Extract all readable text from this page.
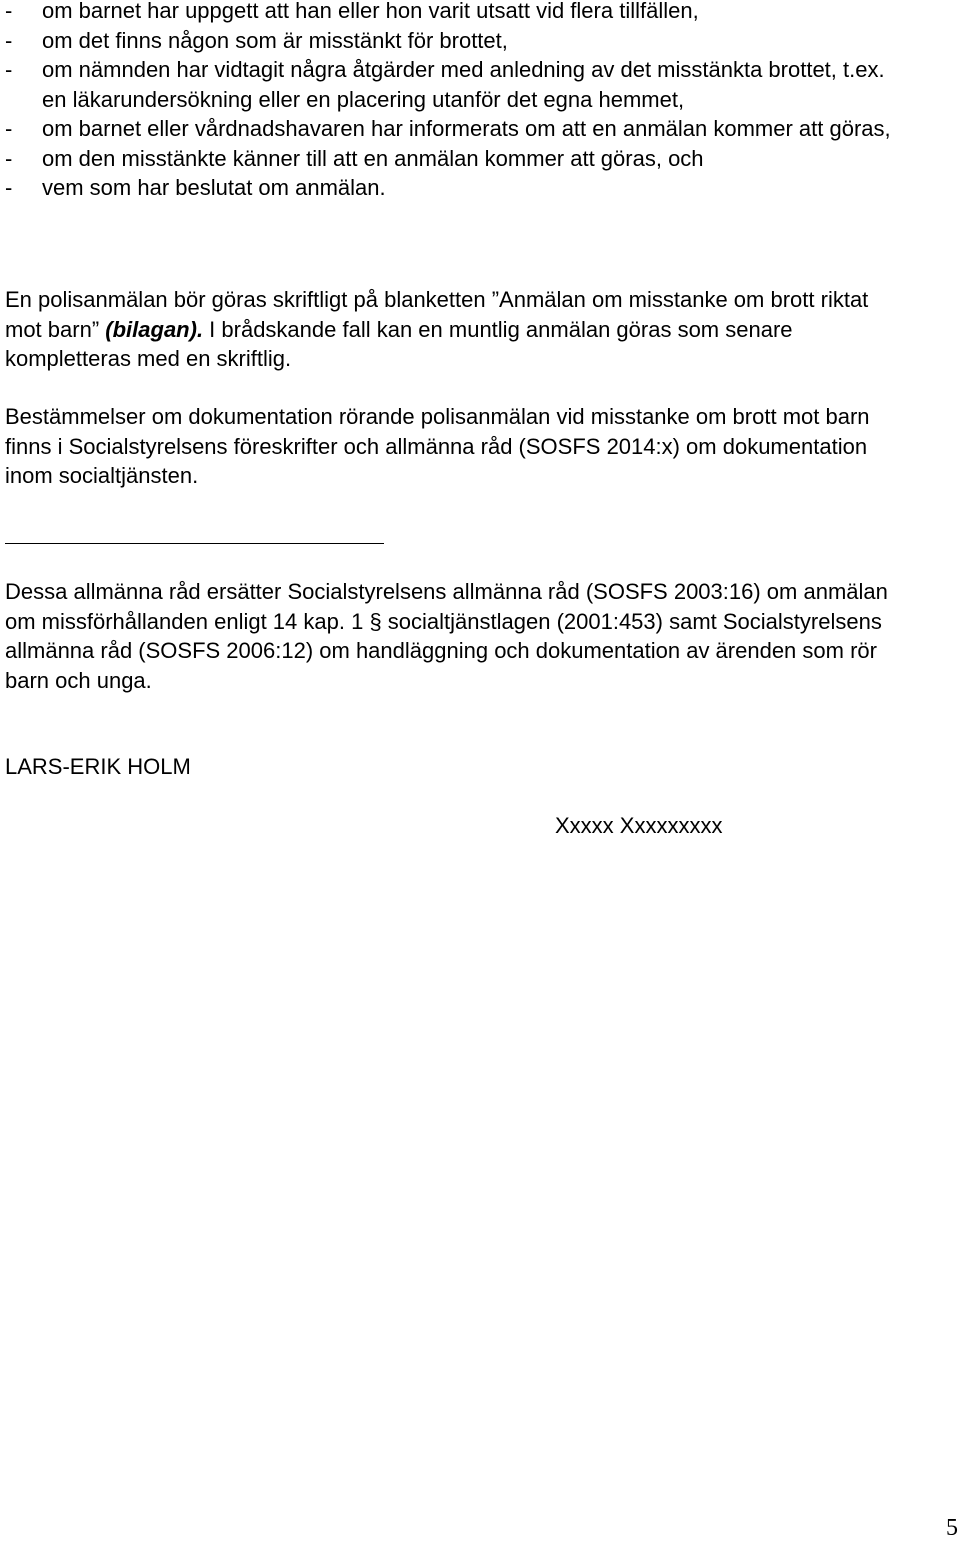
- om barnet har uppgett att han eller hon varit utsatt vid flera tillfällen,
- om det finns någon som är misstänkt för brottet,
- om nämnden har vidtagit några åtgärder med anledning av det misstänkta brottet, t.ex. en läkarundersökning eller en placering utanför det egna hemmet,
- om barnet eller vårdnadshavaren har informerats om att en anmälan kommer att göras,
- om den misstänkte känner till att en anmälan kommer att göras, och
- vem som har beslutat om anmälan.

En polisanmälan bör göras skriftligt på blanketten ”Anmälan om misstanke om brott riktat mot barn” (bilagan). I brådskande fall kan en muntlig anmälan göras som senare kompletteras med en skriftlig.

Bestämmelser om dokumentation rörande polisanmälan vid misstanke om brott mot barn finns i Socialstyrelsens föreskrifter och allmänna råd (SOSFS 2014:x) om dokumentation inom socialtjänsten.

Dessa allmänna råd ersätter Socialstyrelsens allmänna råd (SOSFS 2003:16) om anmälan om missförhållanden enligt 14 kap. 1 § socialtjänstlagen (2001:453) samt Socialstyrelsens allmänna råd (SOSFS 2006:12) om handläggning och dokumentation av ärenden som rör barn och unga.

LARS-ERIK HOLM

Xxxxx Xxxxxxxxx

5
